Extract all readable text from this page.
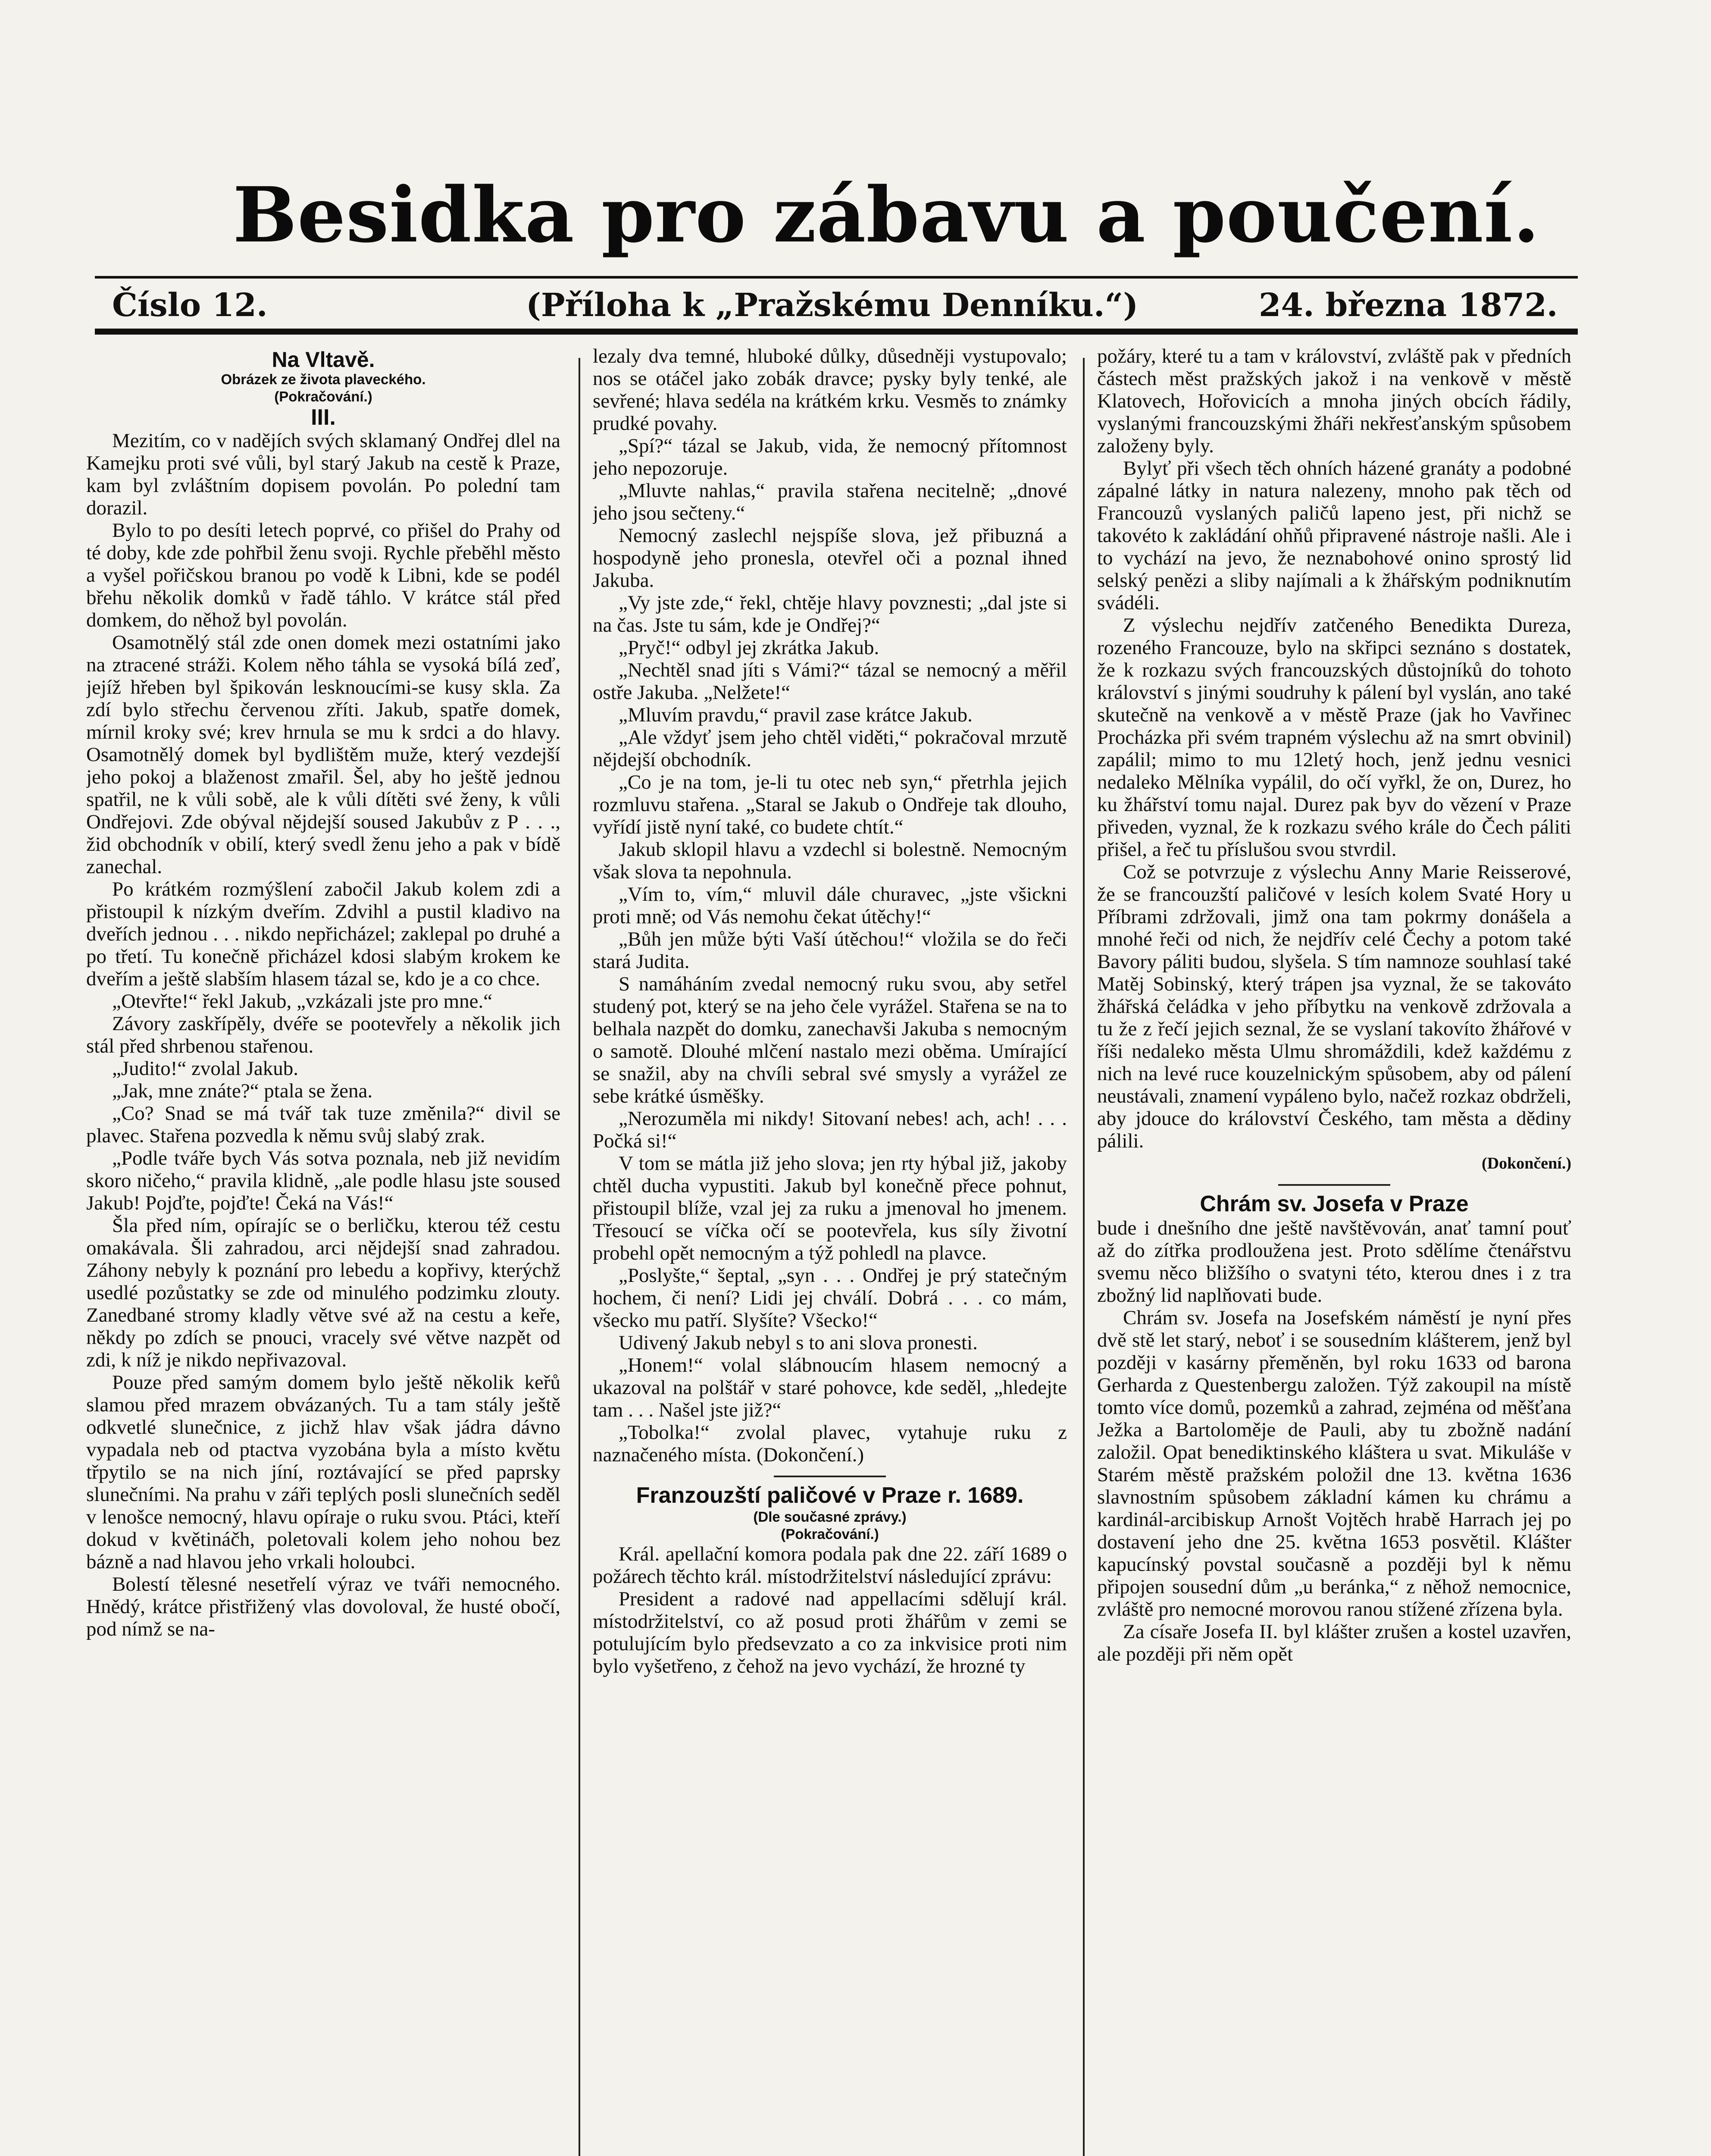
Besidka pro zábavu a poučení.
Číslo 12.	(Příloha k „Pražskému Denníku.“)	24. března 1872.

Na Vltavě.

Obrázek ze života plaveckého.

(Pokračování.)

III.

Mezitím, co v nadějích svých sklamaný Ondřej dlel na Kamejku proti své vůli, byl starý Jakub na cestě k Praze, kam byl zvláštním dopisem povolán. Po polední tam dorazil.

Bylo to po desíti letech poprvé, co přišel do Prahy od té doby, kde zde pohřbil ženu svoji. Rychle přeběhl město a vyšel pořičskou branou po vodě k Libni, kde se podél břehu několik domků v řadě táhlo. V krátce stál před domkem, do něhož byl povolán.

Osamotnělý stál zde onen domek mezi ostatními jako na ztracené stráži. Kolem něho táhla se vysoká bílá zeď, jejíž hřeben byl špikován lesknoucími-se kusy skla. Za zdí bylo střechu červenou zříti. Jakub, spatře domek, mírnil kroky své; krev hrnula se mu k srdci a do hlavy. Osamotnělý domek byl bydlištěm muže, který vezdejší jeho pokoj a blaženost zmařil. Šel, aby ho ještě jednou spatřil, ne k vůli sobě, ale k vůli dítěti své ženy, k vůli Ondřejovi. Zde obýval nějdejší soused Jakubův z P . . ., žid obchodník v obilí, který svedl ženu jeho a pak v bídě zanechal.

Po krátkém rozmýšlení zabočil Jakub kolem zdi a přistoupil k nízkým dveřím. Zdvihl a pustil kladivo na dveřích jednou . . . nikdo nepřicházel; zaklepal po druhé a po třetí. Tu konečně přicházel kdosi slabým krokem ke dveřím a ještě slabším hlasem tázal se, kdo je a co chce.

„Otevřte!“ řekl Jakub, „vzkázali jste pro mne.“

Závory zaskřípěly, dvéře se pootevřely a několik jich stál před shrbenou stařenou.

„Judito!“ zvolal Jakub.

„Jak, mne znáte?“ ptala se žena.

„Co? Snad se má tvář tak tuze změnila?“ divil se plavec. Stařena pozvedla k němu svůj slabý zrak.

„Podle tváře bych Vás sotva poznala, neb již nevidím skoro ničeho,“ pravila klidně, „ale podle hlasu jste soused Jakub! Pojďte, pojďte! Čeká na Vás!“

Šla před ním, opírajíc se o berličku, kterou též cestu omakávala. Šli zahradou, arci nějdejší snad zahradou. Záhony nebyly k poznání pro lebedu a kopřivy, kterýchž usedlé pozůstatky se zde od minulého podzimku zlouty. Zanedbané stromy kladly větve své až na cestu a keře, někdy po zdích se pnouci, vracely své větve nazpět od zdi, k níž je nikdo nepřivazoval.

Pouze před samým domem bylo ještě několik keřů slamou před mrazem obvázaných. Tu a tam stály ještě odkvetlé slunečnice, z jichž hlav však jádra dávno vypadala neb od ptactva vyzobána byla a místo květu třpytilo se na nich jíní, roztávající se před paprsky slunečními. Na prahu v záři teplých posli slunečních seděl v lenošce nemocný, hlavu opíraje o ruku svou. Ptáci, kteří dokud v květináčh, poletovali kolem jeho nohou bez bázně a nad hlavou jeho vrkali holoubci.

Bolestí tělesné nesetřelí výraz ve tváři nemocného. Hnědý, krátce přistřižený vlas dovoloval, že husté obočí, pod nímž se na-

lezaly dva temné, hluboké důlky, důsedněji vystupovalo; nos se otáčel jako zobák dravce; pysky byly tenké, ale sevřené; hlava sedéla na krátkém krku. Vesměs to známky prudké povahy.

„Spí?“ tázal se Jakub, vida, že nemocný přítomnost jeho nepozoruje.

„Mluvte nahlas,“ pravila stařena necitelně; „dnové jeho jsou sečteny.“

Nemocný zaslechl nejspíše slova, jež přibuzná a hospodyně jeho pronesla, otevřel oči a poznal ihned Jakuba.

„Vy jste zde,“ řekl, chtěje hlavy povznesti; „dal jste si na čas. Jste tu sám, kde je Ondřej?“

„Pryč!“ odbyl jej zkrátka Jakub.

„Nechtěl snad jíti s Vámi?“ tázal se nemocný a měřil ostře Jakuba. „Nelžete!“

„Mluvím pravdu,“ pravil zase krátce Jakub.

„Ale vždyť jsem jeho chtěl viděti,“ pokračoval mrzutě nějdejší obchodník.

„Co je na tom, je-li tu otec neb syn,“ přetrhla jejich rozmluvu stařena. „Staral se Jakub o Ondřeje tak dlouho, vyřídí jistě nyní také, co budete chtít.“

Jakub sklopil hlavu a vzdechl si bolestně. Nemocným však slova ta nepohnula.

„Vím to, vím,“ mluvil dále churavec, „jste všickni proti mně; od Vás nemohu čekat útěchy!“

„Bůh jen může býti Vaší útěchou!“ vložila se do řeči stará Judita.

S namáháním zvedal nemocný ruku svou, aby setřel studený pot, který se na jeho čele vyrážel. Stařena se na to belhala nazpět do domku, zanechavši Jakuba s nemocným o samotě. Dlouhé mlčení nastalo mezi oběma. Umírající se snažil, aby na chvíli sebral své smysly a vyrážel ze sebe krátké úsměšky.

„Nerozuměla mi nikdy! Sitovaní nebes! ach, ach! . . . Počká si!“

V tom se mátla již jeho slova; jen rty hýbal již, jakoby chtěl ducha vypustiti. Jakub byl konečně přece pohnut, přistoupil blíže, vzal jej za ruku a jmenoval ho jmenem. Třesoucí se víčka očí se pootevřela, kus síly životní probehl opět nemocným a týž pohledl na plavce.

„Poslyšte,“ šeptal, „syn . . . Ondřej je prý statečným hochem, či není? Lidi jej chválí. Dobrá . . . co mám, všecko mu patří. Slyšíte? Všecko!“

Udivený Jakub nebyl s to ani slova pronesti.

„Honem!“ volal slábnoucím hlasem nemocný a ukazoval na polštář v staré pohovce, kde seděl, „hledejte tam . . . Našel jste již?“

„Tobolka!“ zvolal plavec, vytahuje ruku z naznačeného místa. (Dokončení.)

Franzouzští paličové v Praze r. 1689.

(Dle současné zprávy.)

(Pokračování.)

Král. apellační komora podala pak dne 22. září 1689 o požárech těchto král. místodržitelství následující zprávu:

President a radové nad appellacími sdělují král. místodržitelství, co až posud proti žhářům v zemi se potulujícím bylo předsevzato a co za inkvisice proti nim bylo vyšetřeno, z čehož na jevo vychází, že hrozné ty

požáry, které tu a tam v království, zvláště pak v předních částech měst pražských jakož i na venkově v městě Klatovech, Hořovicích a mnoha jiných obcích řádily, vyslanými francouzskými žháři nekřesťanským spůsobem založeny byly.

Bylyť při všech těch ohních házené granáty a podobné zápalné látky in natura nalezeny, mnoho pak těch od Francouzů vyslaných paličů lapeno jest, při nichž se takovéto k zakládání ohňů připravené nástroje našli. Ale i to vychází na jevo, že neznabohové onino sprostý lid selský penězi a sliby najímali a k žhářským podniknutím svádéli.

Z výslechu nejdřív zatčeného Benedikta Dureza, rozeného Francouze, bylo na skřipci seznáno s dostatek, že k rozkazu svých francouzských důstojníků do tohoto království s jinými soudruhy k pálení byl vyslán, ano také skutečně na venkově a v městě Praze (jak ho Vavřinec Procházka při svém trapném výslechu až na smrt obvinil) zapálil; mimo to mu 12letý hoch, jenž jednu vesnici nedaleko Mělníka vypálil, do očí vyřkl, že on, Durez, ho ku žhářství tomu najal. Durez pak byv do vězení v Praze přiveden, vyznal, že k rozkazu svého krále do Čech páliti přišel, a řeč tu příslušou svou stvrdil.

Což se potvrzuje z výslechu Anny Marie Reisserové, že se francouzští paličové v lesích kolem Svaté Hory u Příbrami zdržovali, jimž ona tam pokrmy donášela a mnohé řeči od nich, že nejdřív celé Čechy a potom také Bavory páliti budou, slyšela. S tím namnoze souhlasí také Matěj Sobinský, který trápen jsa vyznal, že se takováto žhářská čeládka v jeho příbytku na venkově zdržovala a tu že z řečí jejich seznal, že se vyslaní takovíto žhářové v říši nedaleko města Ulmu shromáždili, kdež každému z nich na levé ruce kouzelnickým spůsobem, aby od pálení neustávali, znamení vypáleno bylo, načež rozkaz obdrželi, aby jdouce do království Českého, tam města a dědiny pálili.

(Dokončení.)

Chrám sv. Josefa v Praze

bude i dnešního dne ještě navštěvován, anať tamní pouť až do zítřka prodloužena jest. Proto sdělíme čtenářstvu svemu něco bližšího o svatyni této, kterou dnes i z tra zbožný lid naplňovati bude.

Chrám sv. Josefa na Josefském náměstí je nyní přes dvě stě let starý, neboť i se sousedním klášterem, jenž byl později v kasárny přeměněn, byl roku 1633 od barona Gerharda z Questenbergu založen. Týž zakoupil na místě tomto více domů, pozemků a zahrad, zejména od měšťana Ježka a Bartoloměje de Pauli, aby tu zbožně nadání založil. Opat benediktinského kláštera u svat. Mikuláše v Starém městě pražském položil dne 13. května 1636 slavnostním spůsobem základní kámen ku chrámu a kardinál-arcibiskup Arnošt Vojtěch hrabě Harrach jej po dostavení jeho dne 25. května 1653 posvětil. Klášter kapucínský povstal současně a později byl k němu připojen sousední dům „u beránka,“ z něhož nemocnice, zvláště pro nemocné morovou ranou stížené zřízena byla.

Za císaře Josefa II. byl klášter zrušen a kostel uzavřen, ale později při něm opět
